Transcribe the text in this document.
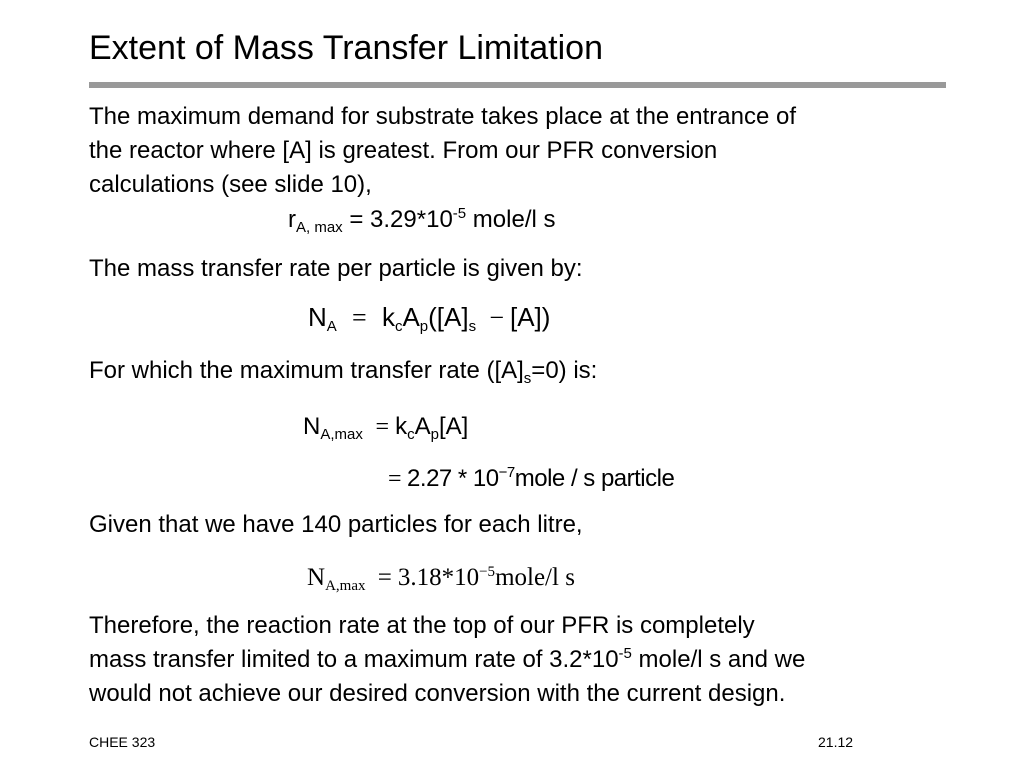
Extent of Mass Transfer Limitation
The maximum demand for substrate takes place at the entrance of
the reactor where [A] is greatest. From our PFR conversion
calculations (see slide 10),
$r_{A, max} = 3.29*10^{-5}$ mole/l s
The mass transfer rate per particle is given by:
$N_A = k_cA_p([A]_s - [A])$
For which the maximum transfer rate $([A]_s=0)$ is:
$N_{A,max} = k_cA_p[A]$
= $2.27 * 10^{-7}mole$ / s particle
Given that we have 140 particles for each litre,
$N_{A,max}$ = $3.18*10^{-5}mole/l$ s
Therefore, the reaction rate at the top of our PFR is completely
mass transfer limited to a maximum rate of $3.2*10^{-5}$ mole/l s and we
would not achieve our desired conversion with the current design.
CHEE 323	21.12
